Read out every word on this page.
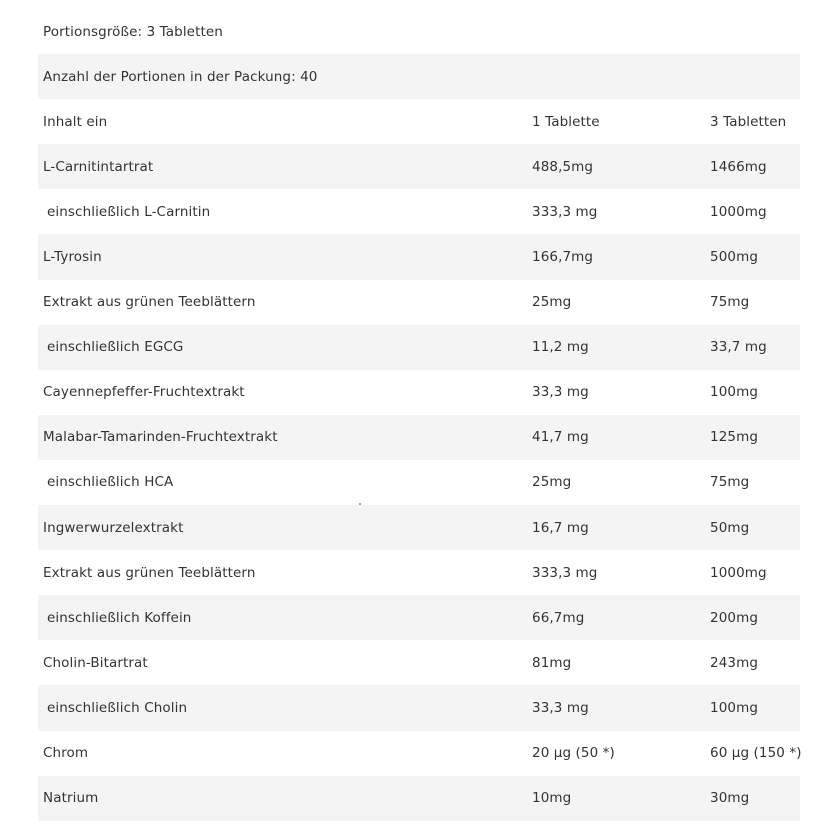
Portionsgröße: 3 Tabletten
Anzahl der Portionen in der Packung: 40
Inhalt ein	1 Tablette	3 Tabletten
L-Carnitintartrat	488,5mg	1466mg
einschließlich L-Carnitin	333,3 mg	1000mg
L-Tyrosin	166,7mg	500mg
Extrakt aus grünen Teeblättern	25mg	75mg
einschließlich EGCG	11,2 mg	33,7 mg
Cayennepfeffer-Fruchtextrakt	33,3 mg	100mg
Malabar-Tamarinden-Fruchtextrakt	41,7 mg	125mg
einschließlich HCA	25mg	75mg
Ingwerwurzelextrakt	16,7 mg	50mg
Extrakt aus grünen Teeblättern	333,3 mg	1000mg
einschließlich Koffein	66,7mg	200mg
Cholin-Bitartrat	81mg	243mg
einschließlich Cholin	33,3 mg	100mg
Chrom	20 µg (50 *)	60 µg (150 *)
Natrium	10mg	30mg
